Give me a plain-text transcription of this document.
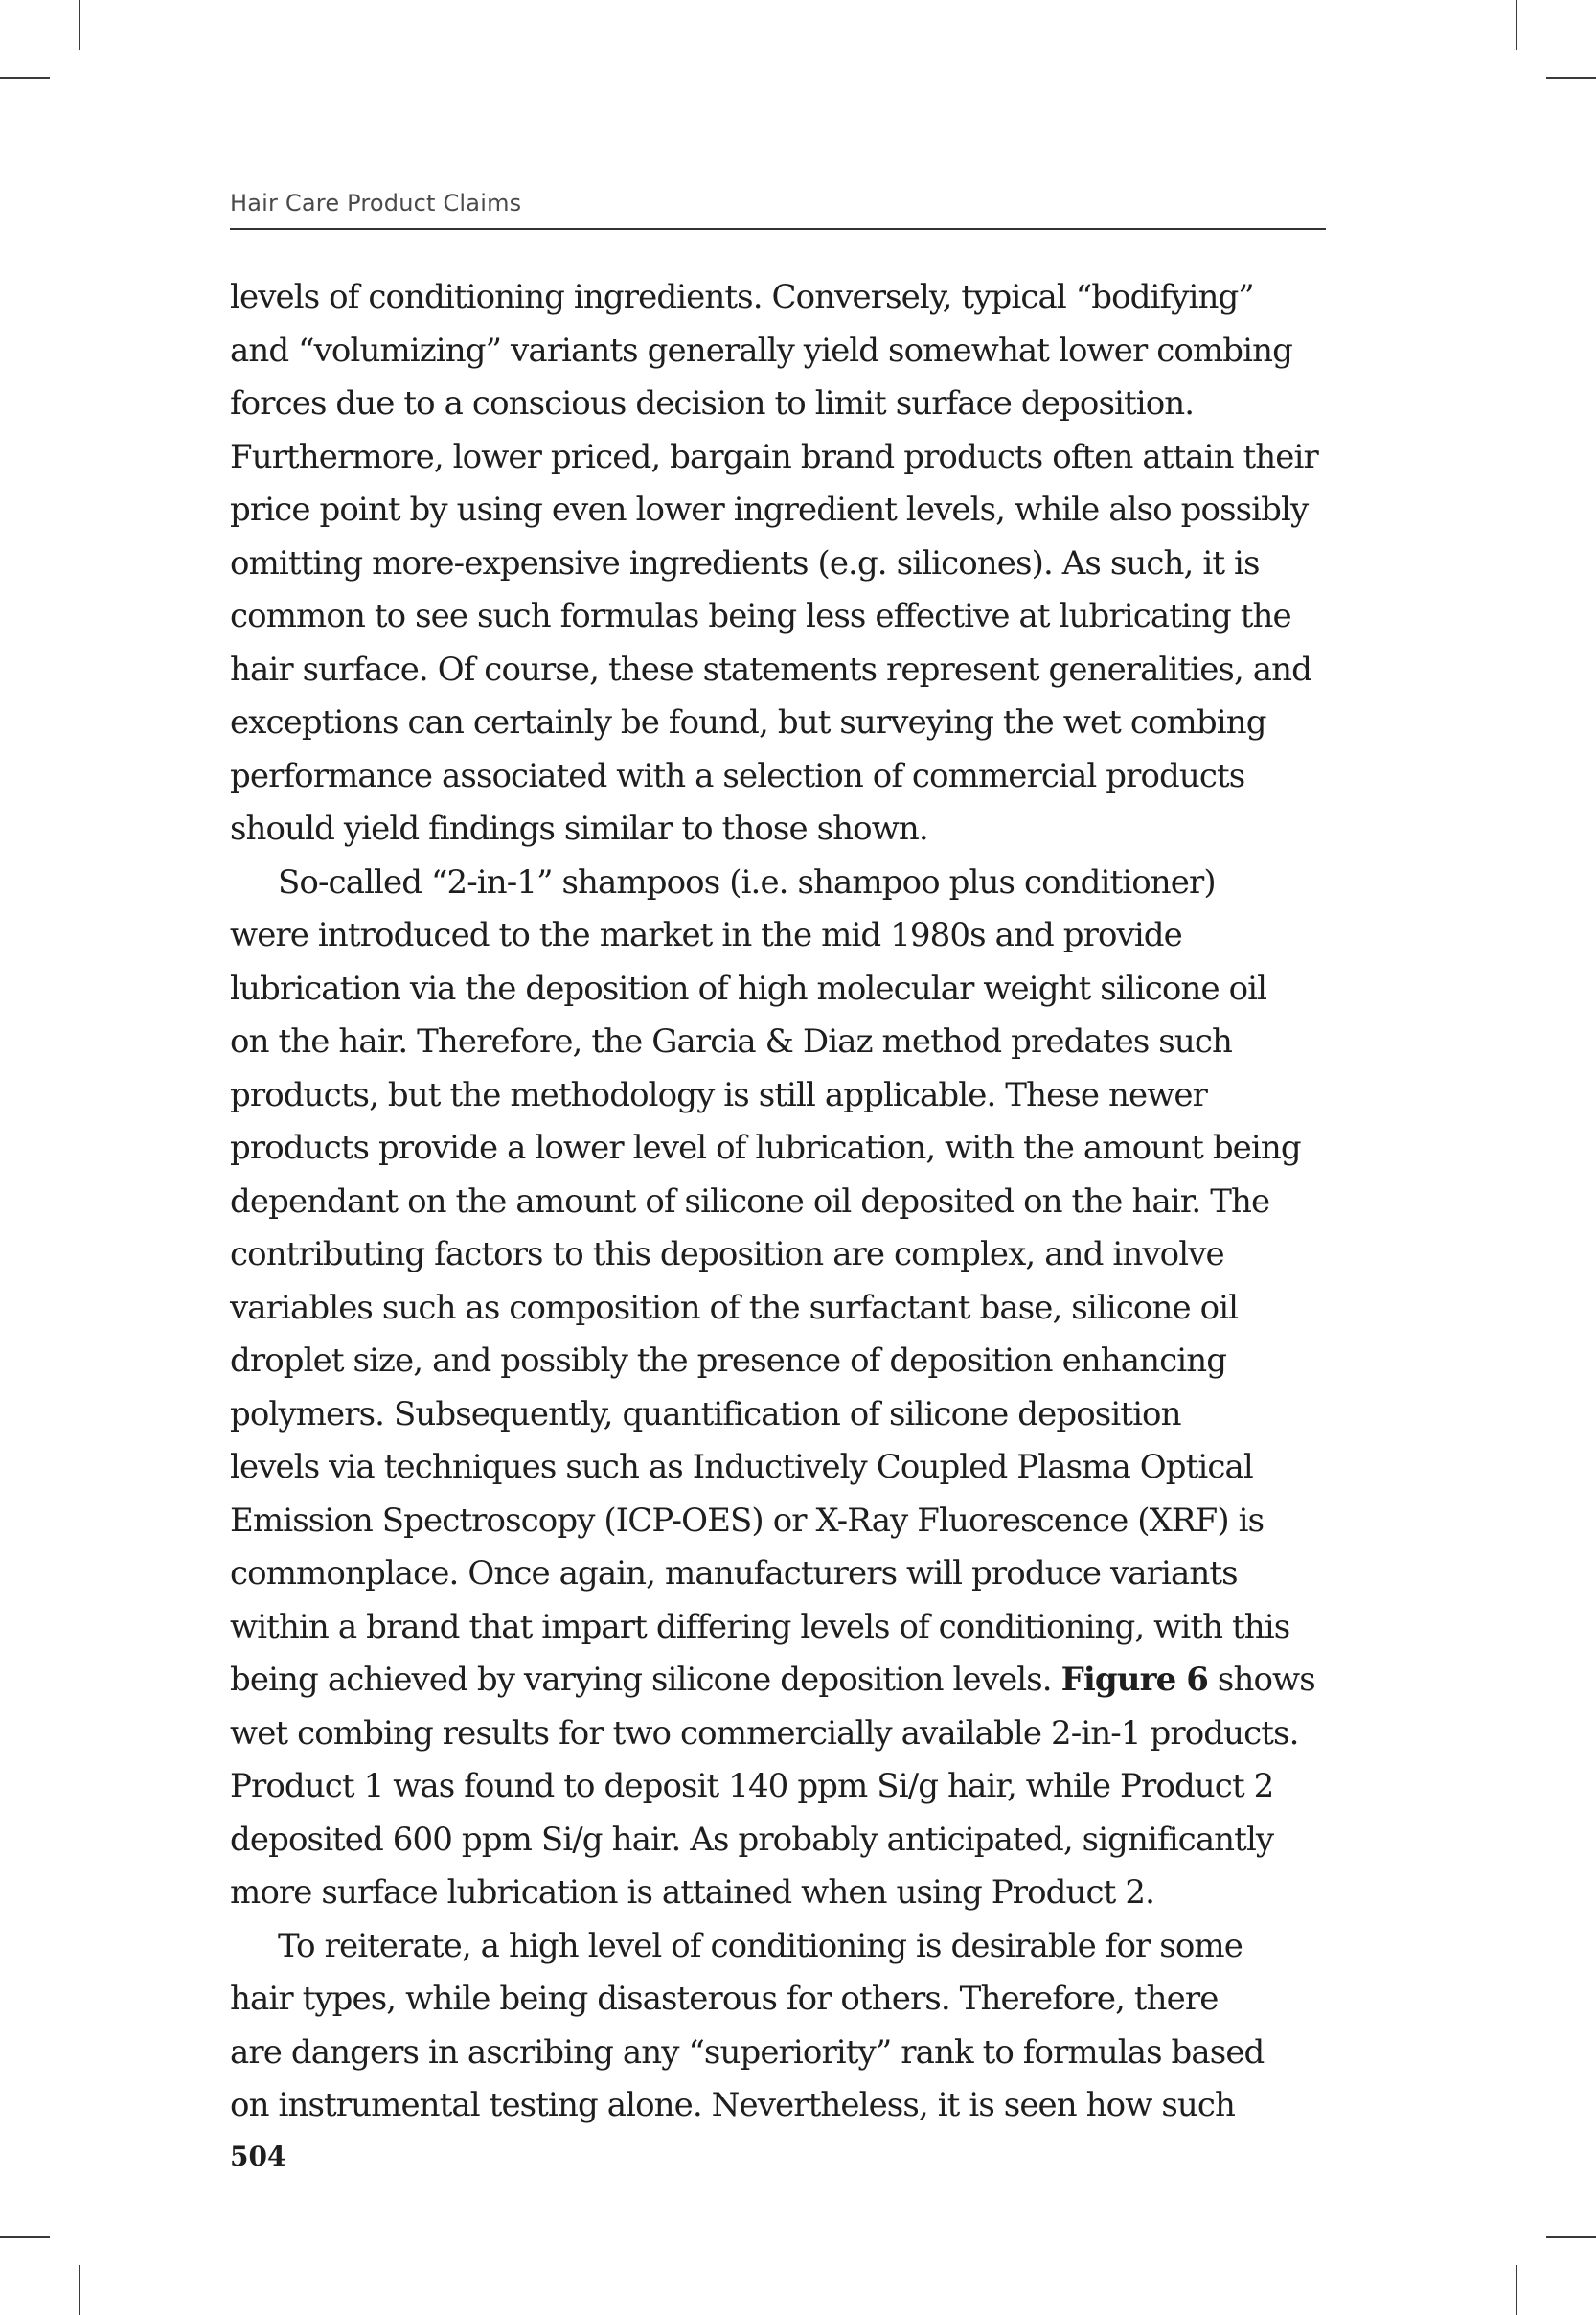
Hair Care Product Claims
levels of conditioning ingredients. Conversely, typical “bodifying”
and “volumizing” variants generally yield somewhat lower combing
forces due to a conscious decision to limit surface deposition.
Furthermore, lower priced, bargain brand products often attain their
price point by using even lower ingredient levels, while also possibly
omitting more-expensive ingredients (e.g. silicones). As such, it is
common to see such formulas being less effective at lubricating the
hair surface. Of course, these statements represent generalities, and
exceptions can certainly be found, but surveying the wet combing
performance associated with a selection of commercial products
should yield findings similar to those shown.
So-called “2-in-1” shampoos (i.e. shampoo plus conditioner)
were introduced to the market in the mid 1980s and provide
lubrication via the deposition of high molecular weight silicone oil
on the hair. Therefore, the Garcia & Diaz method predates such
products, but the methodology is still applicable. These newer
products provide a lower level of lubrication, with the amount being
dependant on the amount of silicone oil deposited on the hair. The
contributing factors to this deposition are complex, and involve
variables such as composition of the surfactant base, silicone oil
droplet size, and possibly the presence of deposition enhancing
polymers. Subsequently, quantification of silicone deposition
levels via techniques such as Inductively Coupled Plasma Optical
Emission Spectroscopy (ICP-OES) or X-Ray Fluorescence (XRF) is
commonplace. Once again, manufacturers will produce variants
within a brand that impart differing levels of conditioning, with this
being achieved by varying silicone deposition levels. Figure 6 shows
wet combing results for two commercially available 2-in-1 products.
Product 1 was found to deposit 140 ppm Si/g hair, while Product 2
deposited 600 ppm Si/g hair. As probably anticipated, significantly
more surface lubrication is attained when using Product 2.
To reiterate, a high level of conditioning is desirable for some
hair types, while being disasterous for others. Therefore, there
are dangers in ascribing any “superiority” rank to formulas based
on instrumental testing alone. Nevertheless, it is seen how such
504
